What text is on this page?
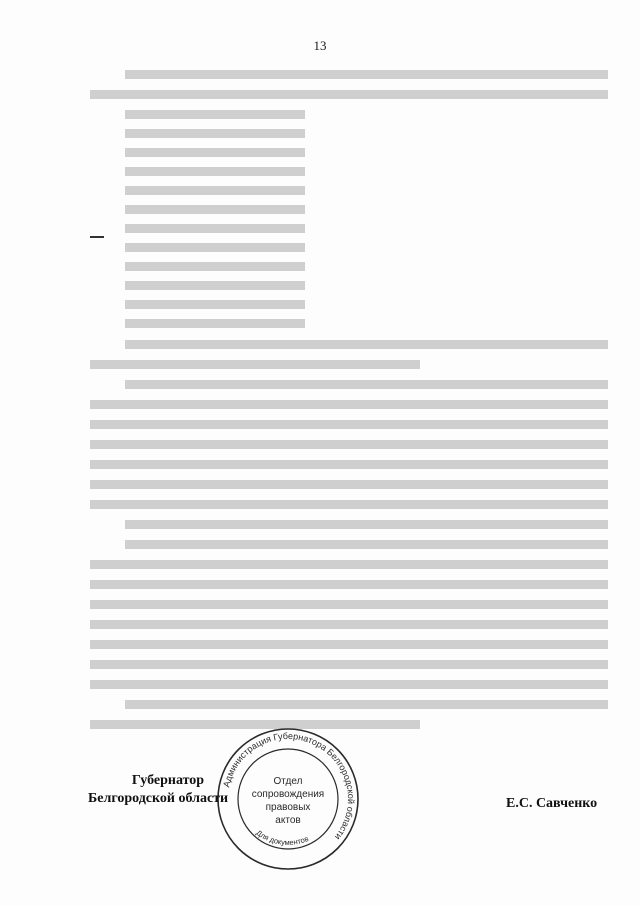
13
Администрация Губернатора Белгородской области
Для документов
Отдел
сопровождения
правовых
актов
Губернатор
Белгородской области	Е.С. Савченко
